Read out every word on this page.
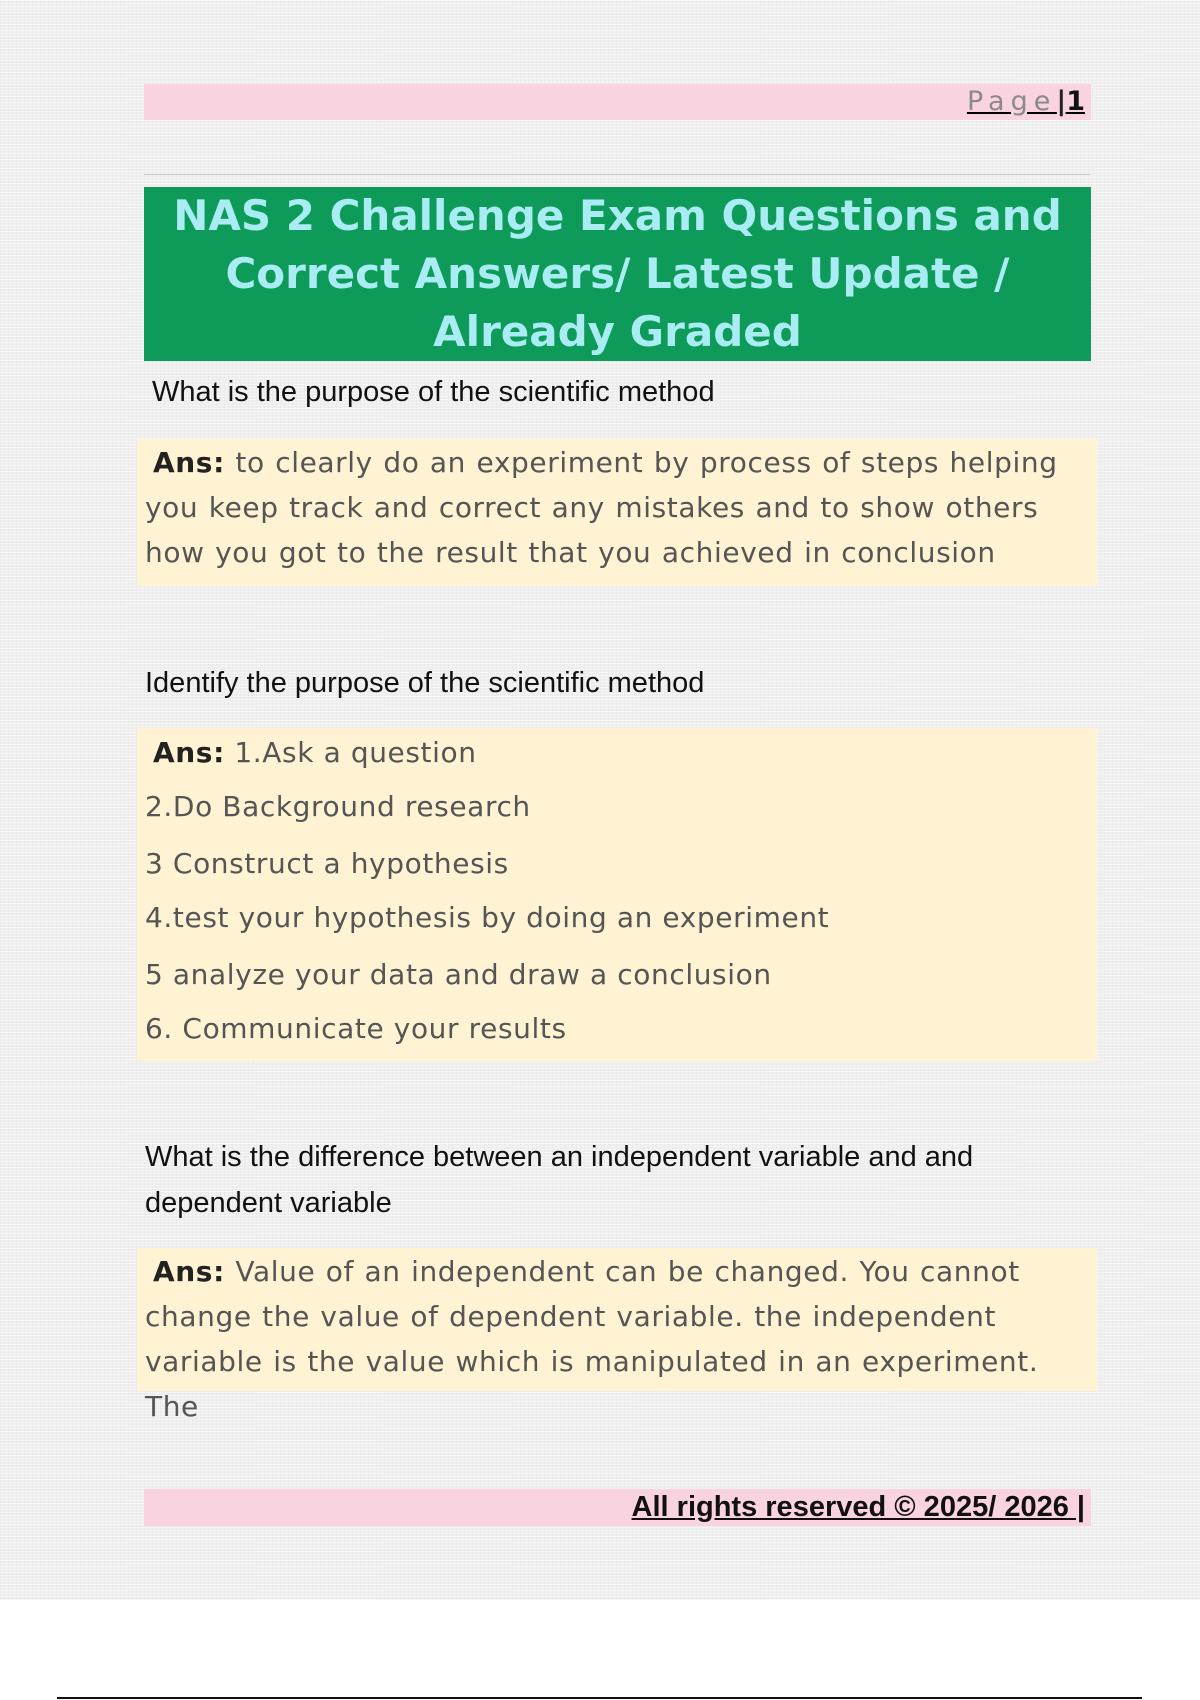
Page|1
NAS 2 Challenge Exam Questions and Correct Answers/ Latest Update / Already Graded
What is the purpose of the scientific method
Ans: to clearly do an experiment by process of steps helping you keep track and correct any mistakes and to show others how you got to the result that you achieved in conclusion
Identify the purpose of the scientific method
Ans: 1.Ask a question
2.Do Background research
3 Construct a hypothesis
4.test your hypothesis by doing an experiment
5 analyze your data and draw a conclusion
6. Communicate your results
What is the difference between an independent variable and and dependent variable
Ans: Value of an independent can be changed. You cannot change the value of dependent variable. the independent variable is the value which is manipulated in an experiment. The
All rights reserved © 2025/ 2026 |
